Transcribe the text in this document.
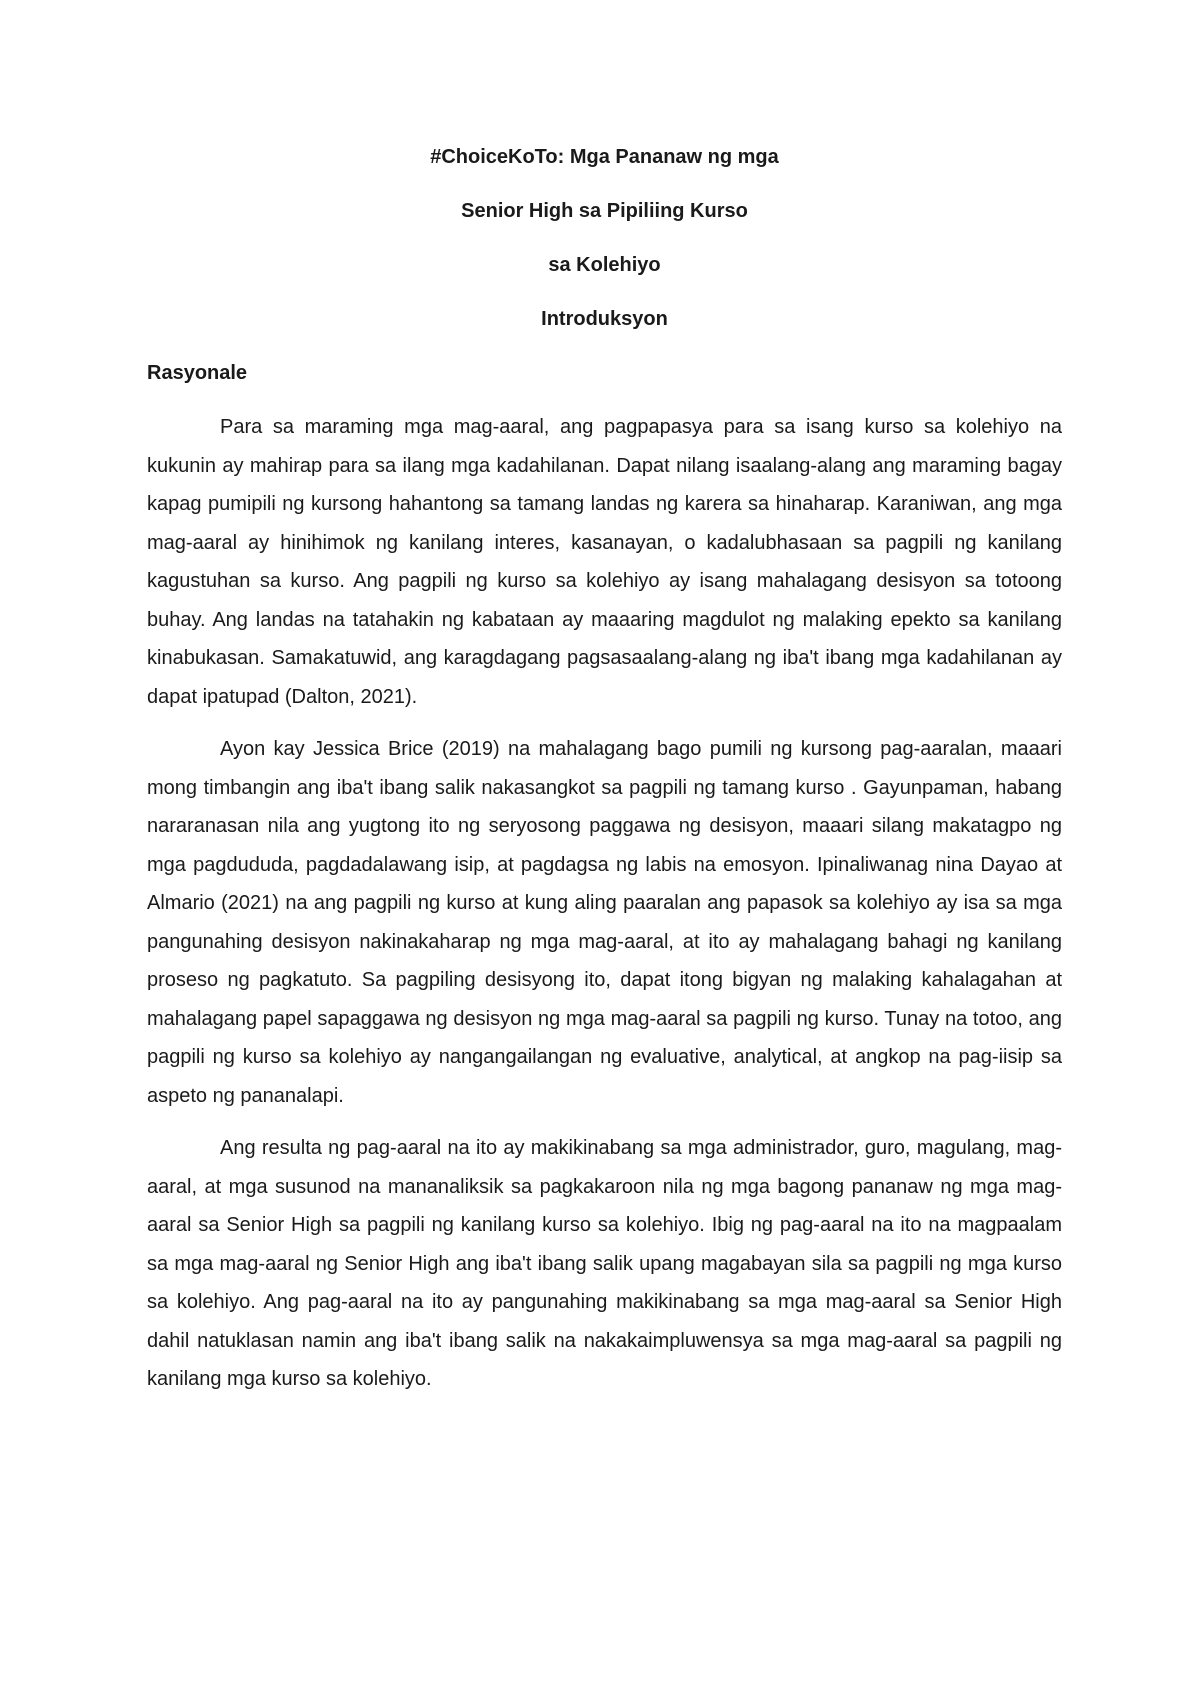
#ChoiceKoTo: Mga Pananaw ng mga

Senior High sa Pipiliing Kurso

sa Kolehiyo

Introduksyon

Rasyonale

Para sa maraming mga mag-aaral, ang pagpapasya para sa isang kurso sa kolehiyo na kukunin ay mahirap para sa ilang mga kadahilanan. Dapat nilang isaalang-alang ang maraming bagay kapag pumipili ng kursong hahantong sa tamang landas ng karera sa hinaharap. Karaniwan, ang mga mag-aaral ay hinihimok ng kanilang interes, kasanayan, o kadalubhasaan sa pagpili ng kanilang kagustuhan sa kurso. Ang pagpili ng kurso sa kolehiyo ay isang mahalagang desisyon sa totoong buhay. Ang landas na tatahakin ng kabataan ay maaaring magdulot ng malaking epekto sa kanilang kinabukasan. Samakatuwid, ang karagdagang pagsasaalang-alang ng iba't ibang mga kadahilanan ay dapat ipatupad (Dalton, 2021).

Ayon kay Jessica Brice (2019) na mahalagang bago pumili ng kursong pag-aaralan, maaari mong timbangin ang iba't ibang salik nakasangkot sa pagpili ng tamang kurso . Gayunpaman, habang nararanasan nila ang yugtong ito ng seryosong paggawa ng desisyon, maaari silang makatagpo ng mga pagdududa, pagdadalawang isip, at pagdagsa ng labis na emosyon. Ipinaliwanag nina Dayao at Almario (2021) na ang pagpili ng kurso at kung aling paaralan ang papasok sa kolehiyo ay isa sa mga pangunahing desisyon nakinakaharap ng mga mag-aaral, at ito ay mahalagang bahagi ng kanilang proseso ng pagkatuto. Sa pagpiling desisyong ito, dapat itong bigyan ng malaking kahalagahan at mahalagang papel sapaggawa ng desisyon ng mga mag-aaral sa pagpili ng kurso. Tunay na totoo, ang pagpili ng kurso sa kolehiyo ay nangangailangan ng evaluative, analytical, at angkop na pag-iisip sa aspeto ng pananalapi.

Ang resulta ng pag-aaral na ito ay makikinabang sa mga administrador, guro, magulang, mag-aaral, at mga susunod na mananaliksik sa pagkakaroon nila ng mga bagong pananaw ng mga mag-aaral sa Senior High sa pagpili ng kanilang kurso sa kolehiyo. Ibig ng pag-aaral na ito na magpaalam sa mga mag-aaral ng Senior High ang iba't ibang salik upang magabayan sila sa pagpili ng mga kurso sa kolehiyo. Ang pag-aaral na ito ay pangunahing makikinabang sa mga mag-aaral sa Senior High dahil natuklasan namin ang iba't ibang salik na nakakaimpluwensya sa mga mag-aaral sa pagpili ng kanilang mga kurso sa kolehiyo.
